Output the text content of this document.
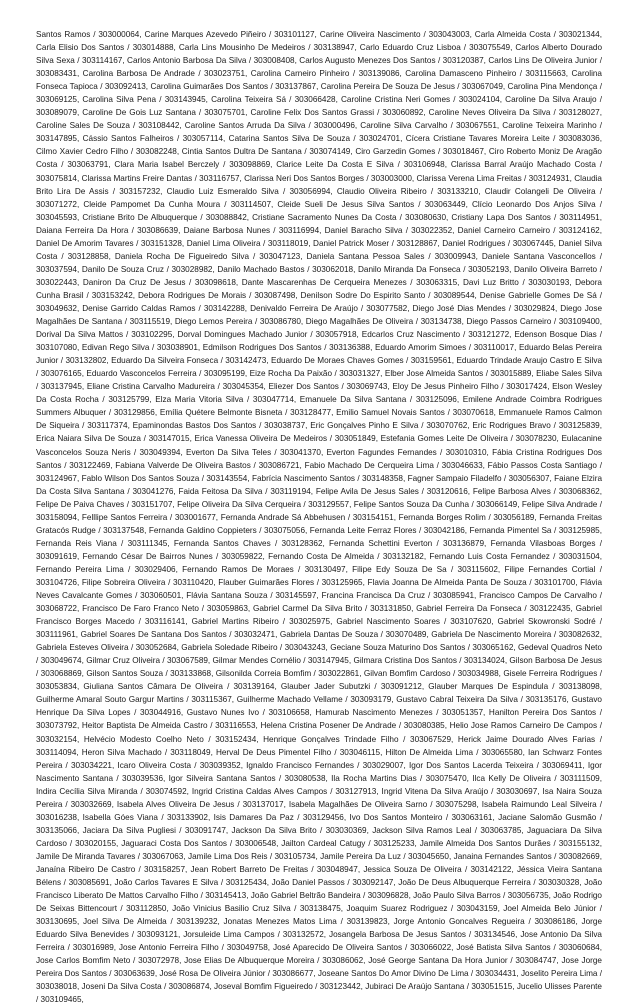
Santos Ramos / 303000064, Carine Marques Azevedo Piñeiro / 303101127, Carine Oliveira Nascimento / 303043003, Carla Almeida Costa / 303021344, Carla Elisio Dos Santos / 303014888, Carla Lins Mousinho De Medeiros / 303138947, Carlo Eduardo Cruz Lisboa / 303075549, Carlos Alberto Dourado Silva Sexa / 303114167, Carlos Antonio Barbosa Da Silva / 303008408, Carlos Augusto Menezes Dos Santos / 303120387, Carlos Lins De Oliveira Junior / 303083431, Carolina Barbosa De Andrade / 303023751, Carolina Carneiro Pinheiro / 303139086, Carolina Damasceno Pinheiro / 303115663, Carolina Fonseca Tapioca / 303092413, Carolina Guimarães Dos Santos / 303137867, Carolina Pereira De Souza De Jesus / 303067049, Carolina Pina Mendonça / 303069125, Carolina Silva Pena / 303143945, Carolina Teixeira Sá / 303066428, Caroline Cristina Neri Gomes / 303024104, Caroline Da Silva Araujo / 303089079, Caroline De Gois Luz Santana / 303075701, Caroline Felix Dos Santos Grassi / 303060892, Caroline Neves Oliveira Da Silva / 303128027, Caroline Sales De Souza / 303108442, Caroline Santos Arruda Da Silva / 303000496, Caroline Silva Carvalho / 303067551, Caroline Teixeira Marinho / 303147895, Cássio Santos Falheiros / 303057114, Catarina Santos Silva De Souza / 303024701, Cícera Cristiane Tavares Moreira Leite / 303083036, Cilmo Xavier Cedro Filho / 303082248, Cintia Santos Dultra De Santana / 303074149, Ciro Garzedin Gomes / 303018467, Ciro Roberto Moniz De Aragão Costa / 303063791, Clara Maria Isabel Berczely / 303098869, Clarice Leite Da Costa E Silva / 303106948, Clarissa Barral Araújo Machado Costa / 303075814, Clarissa Martins Freire Dantas / 303116757, Clarissa Neri Dos Santos Borges / 303003000, Clarissa Verena Lima Freitas / 303124931, Claudia Brito Lira De Assis / 303157232, Claudio Luiz Esmeraldo Silva / 303056994, Claudio Oliveira Ribeiro / 303133210, Claudir Colangeli De Oliveira / 303071272, Cleide Pampomet Da Cunha Moura / 303114507, Cleide Sueli De Jesus Silva Santos / 303063449, Clício Leonardo Dos Anjos Silva / 303045593, Cristiane Brito De Albuquerque / 303088842, Cristiane Sacramento Nunes Da Costa / 303080630, Cristiany Lapa Dos Santos / 303114951, Daiana Ferreira Da Hora / 303086639, Daiane Barbosa Nunes / 303116994, Daniel Baracho Silva / 303022352, Daniel Carneiro Carneiro / 303124162, Daniel De Amorim Tavares / 303151328, Daniel Lima Oliveira / 303118019, Daniel Patrick Moser / 303128867, Daniel Rodrigues / 303067445, Daniel Silva Costa / 303128858, Daniela Rocha De Figueiredo Silva / 303047123, Daniela Santana Pessoa Sales / 303009943, Daniele Santana Vasconcellos / 303037594, Danilo De Souza Cruz / 303028982, Danilo Machado Bastos / 303062018, Danilo Miranda Da Fonseca / 303052193, Danilo Oliveira Barreto / 303022443, Daniron Da Cruz De Jesus / 303098618, Dante Mascarenhas De Cerqueira Menezes / 303063315, Davi Luz Britto / 303030193, Debora Cunha Brasil / 303153242, Debora Rodrigues De Morais / 303087498, Denilson Sodre Do Espirito Santo / 303089544, Denise Gabrielle Gomes De Sá / 303049632, Denise Garrido Caldas Ramos / 303142288, Denivaldo Ferreira De Araújo / 303077582, Diego José Dias Mendes / 303029824, Diego Jose Magalhães De Santana / 303115519, Diego Lemos Pereira / 303086780, Diego Magalhães De Oliveira / 303134738, Diego Passos Carneiro / 303109400, Dorival Da Silva Mattos / 303102295, Dorval Domingues Machado Junior / 303057918, Edcarlos Cruz Nascimento / 303121272, Edenson Bosque Dias / 303107080, Edivan Rego Silva / 303038901, Edmilson Rodrigues Dos Santos / 303136388, Eduardo Amorim Simoes / 303110017, Eduardo Belas Pereira Junior / 303132802, Eduardo Da Silveira Fonseca / 303142473, Eduardo De Moraes Chaves Gomes / 303159561, Eduardo Trindade Araujo Castro E Silva / 303076165, Eduardo Vasconcelos Ferreira / 303095199, Eize Rocha Da Paixão / 303031327, Elber Jose Almeida Santos / 303015889, Eliabe Sales Silva / 303137945, Eliane Cristina Carvalho Madureira / 303045354, Eliezer Dos Santos / 303069743, Eloy De Jesus Pinheiro Filho / 303017424, Elson Wesley Da Costa Rocha / 303125799, Elza Maria Vitoria Silva / 303047714, Emanuele Da Silva Santana / 303125096, Emilene Andrade Coimbra Rodrigues Summers Albuquer / 303129856, Emília Quétere Belmonte Bisneta / 303128477, Emilio Samuel Novais Santos / 303070618, Emmanuele Ramos Calmon De Siqueira / 303117374, Epaminondas Bastos Dos Santos / 303038737, Eric Gonçalves Pinho E Silva / 303070762, Eric Rodrigues Bravo / 303125839, Erica Naiara Silva De Souza / 303147015, Erica Vanessa Oliveira De Medeiros / 303051849, Estefania Gomes Leite De Oliveira / 303078230, Eulacanine Vasconcelos Souza Neris / 303049394, Everton Da Silva Teles / 303041370, Everton Fagundes Fernandes / 303010310, Fábia Cristina Rodrigues Dos Santos / 303122469, Fabiana Valverde De Oliveira Bastos / 303086721, Fabio Machado De Cerqueira Lima / 303046633, Fábio Passos Costa Santiago / 303124967, Fablo Wilson Dos Santos Souza / 303143554, Fabrícia Nascimento Santos / 303148358, Fagner Sampaio Filadelfo / 303056307, Faiane Elzira Da Costa Silva Santana / 303041276, Faida Feitosa Da Silva / 303119194, Felipe Avila De Jesus Sales / 303120616, Felipe Barbosa Alves / 303068362, Felipe De Paiva Chaves / 303151707, Felipe Oliveira Da Silva Cerqueira / 303129557, Felipe Santos Souza Da Cunha / 303066149, Felipe Silva Andrade / 303158094, Felllipe Santos Ferreira / 303001677, Fernanda Andrade Sá Abbehusen / 303154151, Fernanda Borges Rolim / 303056189, Fernanda Freitas Gratacós Rudge / 303137548, Fernanda Galdino Coppieters / 303075056, Fernanda Leite Ferraz Flores / 303042186, Fernanda Pimentel Sa / 303125985, Fernanda Reis Viana / 303111345, Fernanda Santos Chaves / 303128362, Fernanda Schettini Everton / 303136879, Fernanda Vilasboas Borges / 303091619, Fernando César De Bairros Nunes / 303059822, Fernando Costa De Almeida / 303132182, Fernando Luis Costa Fernandez / 303031504, Fernando Pereira Lima / 303029406, Fernando Ramos De Moraes / 303130497, Filipe Edy Souza De Sa / 303115602, Filipe Fernandes Cortial / 303104726, Filipe Sobreira Oliveira / 303110420, Flauber Guimarães Flores / 303125965, Flavia Joanna De Almeida Panta De Souza / 303101700, Flávia Neves Cavalcante Gomes / 303060501, Flávia Santana Souza / 303145597, Francina Francisca Da Cruz / 303085941, Francisco Campos De Carvalho / 303068722, Francisco De Faro Franco Neto / 303059863, Gabriel Carmel Da Silva Brito / 303131850, Gabriel Ferreira Da Fonseca / 303122435, Gabriel Francisco Borges Macedo / 303116141, Gabriel Martins Ribeiro / 303025975, Gabriel Nascimento Soares / 303107620, Gabriel Skowronski Sodré / 303111961, Gabriel Soares De Santana Dos Santos / 303032471, Gabriela Dantas De Souza / 303070489, Gabriela De Nascimento Moreira / 303082632, Gabriela Esteves Oliveira / 303052684, Gabriela Soledade Ribeiro / 303043243, Geciane Souza Maturino Dos Santos / 303065162, Gedeval Quadros Neto / 303049674, Gilmar Cruz Oliveira / 303067589, Gilmar Mendes Cornélio / 303147945, Gilmara Cristina Dos Santos / 303134024, Gilson Barbosa De Jesus / 303068869, Gilson Santos Souza / 303133868, Gilsonilda Correia Bomfim / 303022861, Gilvan Bomfim Cardoso / 303034988, Gisele Ferreira Rodrigues / 303053834, Giuliana Santos Câmara De Oliveira / 303139164, Glauber Jader Subutzki / 303091212, Glauber Marques De Espindula / 303138098, Guilherme Amaral Souto Gargur Martins / 303115367, Guilherme Machado Vellame / 303093179, Gustavo Cabral Teixeira Da Silva / 303135176, Gustavo Henrique Da Silva Lopes / 303044916, Gustavo Nunes Ivo / 303106658, Hamurab Nascimento Menezes / 303051357, Hanilton Pereira Dos Santos / 303073792, Heitor Baptista De Almeida Castro / 303116553, Helena Cristina Posener De Andrade / 303080385, Helio Jose Ramos Carneiro De Campos / 303032154, Helvécio Modesto Coelho Neto / 303152434, Henrique Gonçalves Trindade Filho / 303067529, Herick Jaime Dourado Alves Farias / 303114094, Heron Silva Machado / 303118049, Herval De Deus Pimentel Filho / 303046115, Hilton De Almeida Lima / 303065580, Ian Schwarz Fontes Pereira / 303034221, Icaro Oliveira Costa / 303039352, Ignaldo Francisco Fernandes / 303029007, Igor Dos Santos Lacerda Teixeira / 303069411, Igor Nascimento Santana / 303039536, Igor Silveira Santana Santos / 303080538, Ila Rocha Martins Dias / 303075470, Ilca Kelly De Oliveira / 303111509, Indira Cecília Silva Miranda / 303074592, Ingrid Cristina Caldas Alves Campos / 303127913, Ingrid Vitena Da Silva Araújo / 303030697, Isa Naira Souza Pereira / 303032669, Isabela Alves Oliveira De Jesus / 303137017, Isabela Magalhães De Oliveira Sarno / 303075298, Isabela Raimundo Leal Silveira / 303016238, Isabella Góes Viana / 303133902, Isis Damares Da Paz / 303129456, Ivo Dos Santos Monteiro / 303063161, Jaciane Salomão Gusmão / 303135066, Jaciara Da Silva Pugliesi / 303091747, Jackson Da Silva Brito / 303030369, Jackson Silva Ramos Leal / 303063785, Jaguaciara Da Silva Cardoso / 303020155, Jaguaraci Costa Dos Santos / 303006548, Jailton Cardeal Catugy / 303125233, Jamile Almeida Dos Santos Durães / 303155132, Jamile De Miranda Tavares / 303067063, Jamile Lima Dos Reis / 303105734, Jamile Pereira Da Luz / 303045650, Janaina Fernandes Santos / 303082669, Janaína Ribeiro De Castro / 303158257, Jean Robert Barreto De Freitas / 303048947, Jessica Souza De Oliveira / 303142122, Jéssica Vieira Santana Bélens / 303085691, João Carlos Tavares E Silva / 303125434, João Daniel Passos / 303092147, João De Deus Albuquerque Ferreira / 303030328, João Francisco Liberato De Mattos Carvalho Filho / 303145413, João Gabriel Beltrão Bandeira / 303096828, João Paulo Silva Barros / 303056735, João Rodrigo De Seixas Bittencourt / 303112850, João Vinicius Basilio Cruz Silva / 303138475, Joaquim Suarez Rodriguez / 303043159, Joel Almeida Belo Júnior / 303130695, Joel Silva De Almeida / 303139232, Jonatas Menezes Matos Lima / 303139823, Jorge Antonio Goncalves Regueira / 303086186, Jorge Eduardo Silva Benevides / 303093121, Jorsuleide Lima Campos / 303132572, Josangela Barbosa De Jesus Santos / 303134546, Jose Antonio Da Silva Ferreira / 303016989, Jose Antonio Ferreira Filho / 303049758, José Aparecido De Oliveira Santos / 303066022, José Batista Silva Santos / 303060684, Jose Carlos Bomfim Neto / 303072978, Jose Elias De Albuquerque Moreira / 303086062, José George Santana Da Hora Junior / 303084747, Jose Jorge Pereira Dos Santos / 303063639, José Rosa De Oliveira Júnior / 303086677, Joseane Santos Do Amor Divino De Lima / 303034431, Joselito Pereira Lima / 303038018, Joseni Da Silva Costa / 303086874, Joseval Bomfim Figueiredo / 303123442, Jubiraci De Araújo Santana / 303051515, Jucelio Ulisses Parente / 303109465,
